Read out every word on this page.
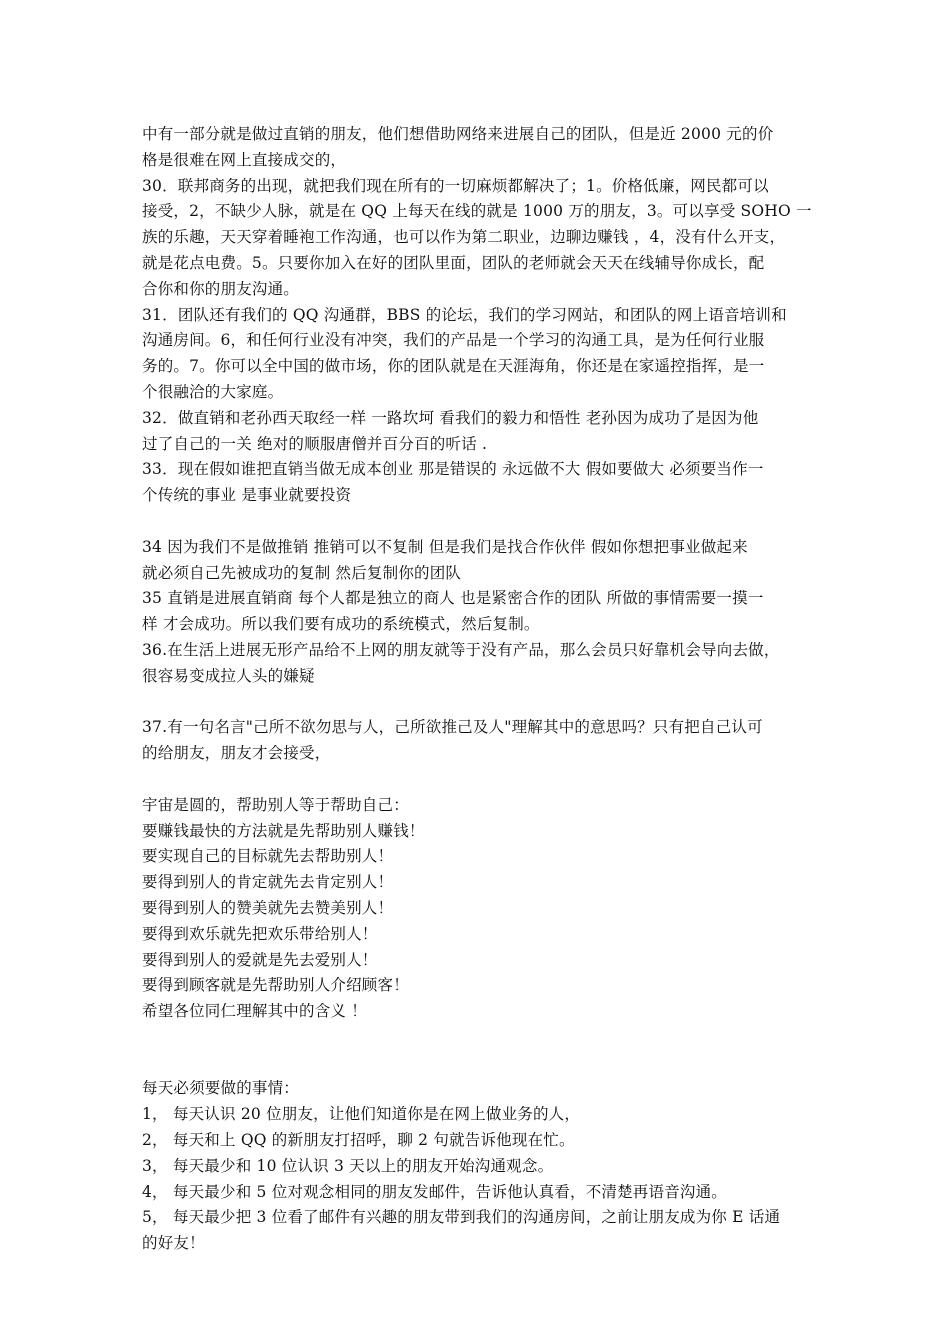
中有一部分就是做过直销的朋友，他们想借助网络来进展自己的团队，但是近 2000 元的价
格是很难在网上直接成交的，
30．联邦商务的出现，就把我们现在所有的一切麻烦都解决了；1。价格低廉，网民都可以
接受，2，不缺少人脉，就是在 QQ 上每天在线的就是 1000 万的朋友，3。可以享受 SOHO 一
族的乐趣，天天穿着睡袍工作沟通，也可以作为第二职业，边聊边赚钱 ，4，没有什么开支，
就是花点电费。5。只要你加入在好的团队里面，团队的老师就会天天在线辅导你成长，配
合你和你的朋友沟通。
31．团队还有我们的 QQ 沟通群，BBS 的论坛，我们的学习网站，和团队的网上语音培训和
沟通房间。6，和任何行业没有冲突，我们的产品是一个学习的沟通工具，是为任何行业服
务的。7。你可以全中国的做市场，你的团队就是在天涯海角，你还是在家遥控指挥，是一
个很融洽的大家庭。
32．做直销和老孙西天取经一样 一路坎坷 看我们的毅力和悟性 老孙因为成功了是因为他
过了自己的一关 绝对的顺服唐僧并百分百的听话 .
33．现在假如谁把直销当做无成本创业 那是错误的 永远做不大 假如要做大 必须要当作一
个传统的事业 是事业就要投资
34 因为我们不是做推销 推销可以不复制 但是我们是找合作伙伴 假如你想把事业做起来
就必须自己先被成功的复制 然后复制你的团队
35 直销是进展直销商 每个人都是独立的商人 也是紧密合作的团队 所做的事情需要一摸一
样 才会成功。所以我们要有成功的系统模式，然后复制。
36.在生活上进展无形产品给不上网的朋友就等于没有产品，那么会员只好靠机会导向去做，
很容易变成拉人头的嫌疑
37.有一句名言"己所不欲勿思与人，己所欲推己及人"理解其中的意思吗？只有把自己认可
的给朋友，朋友才会接受，
宇宙是圆的，帮助别人等于帮助自己：
要赚钱最快的方法就是先帮助别人赚钱！
要实现自己的目标就先去帮助别人！
要得到别人的肯定就先去肯定别人！
要得到别人的赞美就先去赞美别人！
要得到欢乐就先把欢乐带给别人！
要得到别人的爱就是先去爱别人！
要得到顾客就是先帮助别人介绍顾客！
希望各位同仁理解其中的含义 ！
每天必须要做的事情：
1， 每天认识 20 位朋友，让他们知道你是在网上做业务的人，
2， 每天和上 QQ 的新朋友打招呼，聊 2 句就告诉他现在忙。
3， 每天最少和 10 位认识 3 天以上的朋友开始沟通观念。
4， 每天最少和 5 位对观念相同的朋友发邮件，告诉他认真看，不清楚再语音沟通。
5， 每天最少把 3 位看了邮件有兴趣的朋友带到我们的沟通房间，之前让朋友成为你 E 话通
的好友！
